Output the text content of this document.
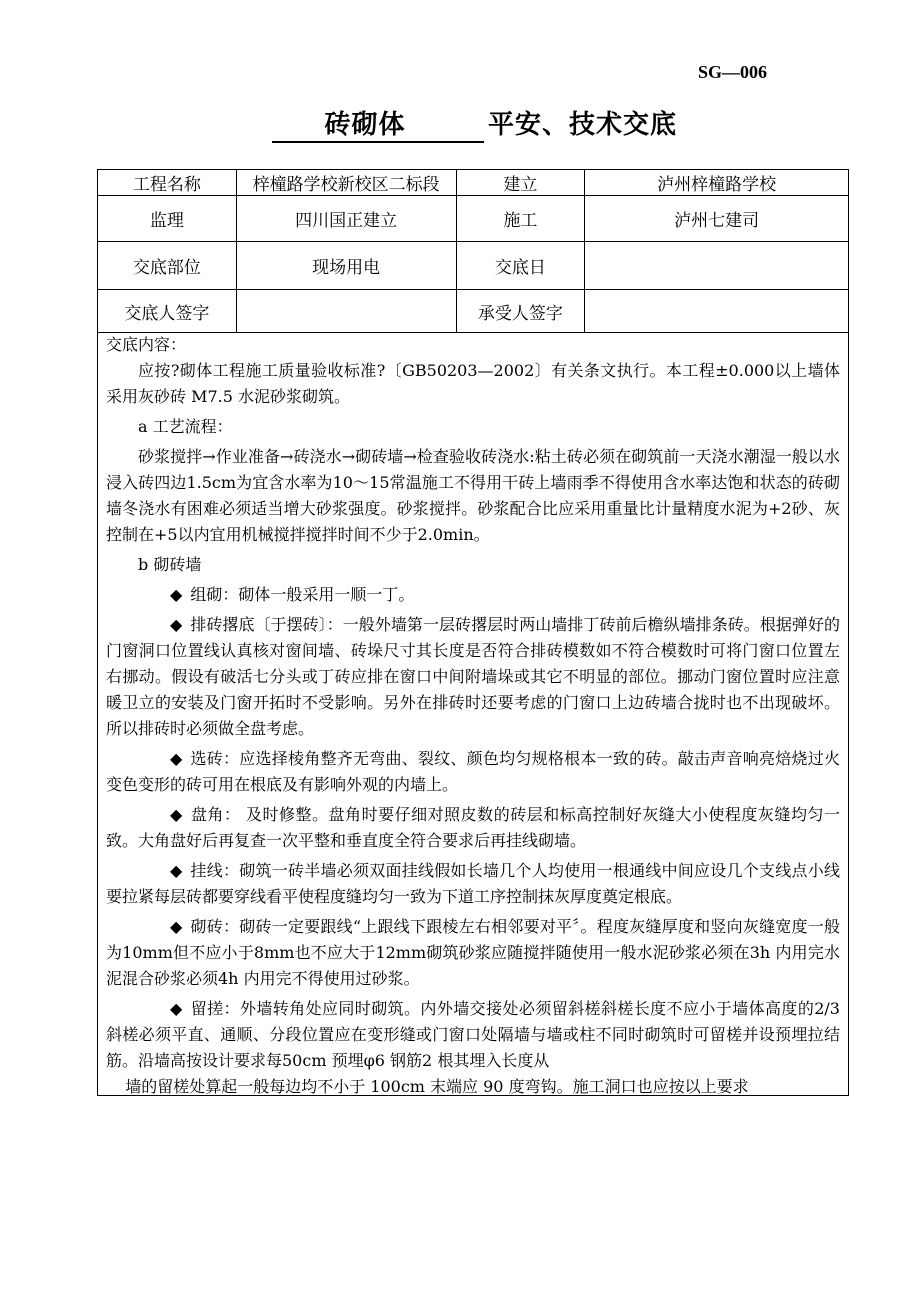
SG—006
砖砌体	平安、技术交底
工程名称	梓橦路学校新校区二标段	建立	泸州梓橦路学校
监理	四川国正建立	施工	泸州七建司
交底部位	现场用电	交底日	
交底人签字		承受人签字	

交底内容：

应按?砌体工程施工质量验收标准?〔GB50203—2002〕有关条文执行。本工程±0.000以上墙体采用灰砂砖 M7.5 水泥砂浆砌筑。

a 工艺流程：

砂浆搅拌→作业准备→砖浇水→砌砖墙→检查验收砖浇水:粘土砖必须在砌筑前一天浇水潮湿一般以水浸入砖四边1.5cm为宜含水率为10～15常温施工不得用干砖上墙雨季不得使用含水率达饱和状态的砖砌墙冬浇水有困难必须适当增大砂浆强度。砂浆搅拌。砂浆配合比应采用重量比计量精度水泥为+2砂、灰控制在+5以内宜用机械搅拌搅拌时间不少于2.0min。

b 砌砖墙

◆ 组砌：砌体一般采用一顺一丁。

◆ 排砖撂底〔于摆砖〕：一般外墙第一层砖撂层时两山墙排丁砖前后檐纵墙排条砖。根据弹好的门窗洞口位置线认真核对窗间墙、砖垛尺寸其长度是否符合排砖模数如不符合模数时可将门窗口位置左右挪动。假设有破活七分头或丁砖应排在窗口中间附墙垛或其它不明显的部位。挪动门窗位置时应注意暖卫立的安装及门窗开拓时不受影响。另外在排砖时还要考虑的门窗口上边砖墙合拢时也不出现破坏。所以排砖时必须做全盘考虑。

◆ 选砖：应选择棱角整齐无弯曲、裂纹、颜色均匀规格根本一致的砖。敲击声音响亮焙烧过火变色变形的砖可用在根底及有影响外观的内墙上。

◆ 盘角： 及时修整。盘角时要仔细对照皮数的砖层和标高控制好灰缝大小使程度灰缝均匀一致。大角盘好后再复查一次平整和垂直度全符合要求后再挂线砌墙。

◆ 挂线：砌筑一砖半墙必须双面挂线假如长墙几个人均使用一根通线中间应设几个支线点小线要拉紧每层砖都要穿线看平使程度缝均匀一致为下道工序控制抹灰厚度奠定根底。

◆ 砌砖：砌砖一定要跟线“上跟线下跟棱左右相邻要对平〞。程度灰缝厚度和竖向灰缝宽度一般为10mm但不应小于8mm也不应大于12mm砌筑砂浆应随搅拌随使用一般水泥砂浆必须在3h 内用完水泥混合砂浆必须4h 内用完不得使用过砂浆。

◆ 留搓：外墙转角处应同时砌筑。内外墙交接处必须留斜槎斜槎长度不应小于墙体高度的2/3斜槎必须平直、通顺、分段位置应在变形缝或门窗口处隔墙与墙或柱不同时砌筑时可留槎并设预埋拉结筋。沿墙高按设计要求每50cm 预埋φ6 钢筋2 根其埋入长度从

墙的留槎处算起一般每边均不小于 100cm 末端应 90 度弯钩。施工洞口也应按以上要求
